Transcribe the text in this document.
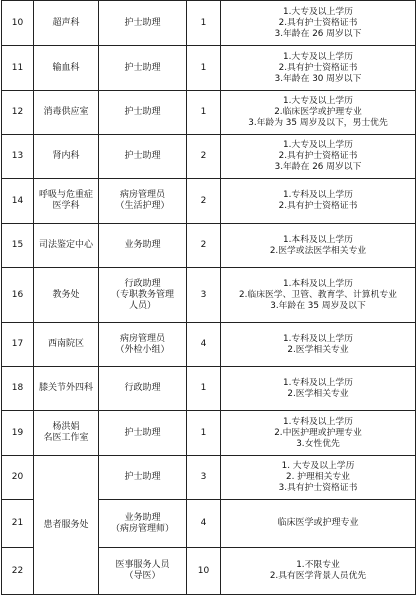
10	超声科	护士助理	1	1.大专及以上学历
2.具有护士资格证书
3.年龄在 26 周岁以下

11	输血科	护士助理	1	1.大专及以上学历
2.具有护士资格证书
3.年龄在 30 周岁以下

12	消毒供应室	护士助理	1	1.大专及以上学历
2.临床医学或护理专业
3.年龄为 35 周岁及以下，男士优先

13	肾内科	护士助理	2	1.大专及以上学历
2.具有护士资格证书
3.年龄在 26 周岁以下

14	呼吸与危重症
医学科	病房管理员
（生活护理）	2	1.专科及以上学历
2.具有护士资格证书

15	司法鉴定中心	业务助理	2	1.本科及以上学历
2.医学或法医学相关专业

16	教务处	行政助理
（专职教务管理
人员）	3	1.本科及以上学历
2.临床医学、卫管、教育学、计算机专业
3.年龄在 35 周岁及以下

17	西南院区	病房管理员
（外检小组）	4	1.专科及以上学历
2.医学相关专业

18	膝关节外四科	行政助理	1	1.专科及以上学历
2.医学相关专业

19	杨洪娟
名医工作室	护士助理	1	1.专科及以上学历
2.中医护理或护理专业
3.女性优先

20	患者服务处	护士助理	3	1. 大专及以上学历
2. 护理相关专业
3.具有护士资格证书

21		业务助理
（病房管理师）	4	临床医学或护理专业

22		医事服务人员
（导医）	10	1.不限专业
2.具有医学背景人员优先
